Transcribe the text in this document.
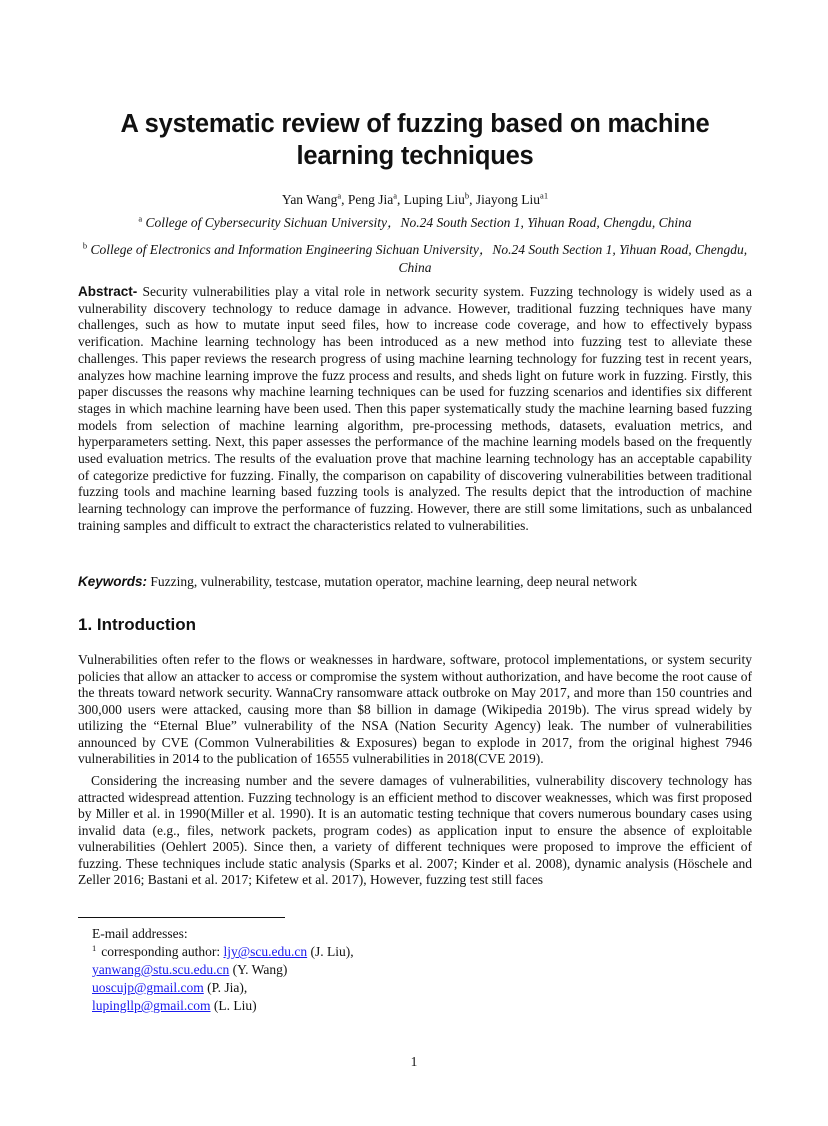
A systematic review of fuzzing based on machine learning techniques
Yan Wang$^a$, Peng Jia$^a$, Luping Liu$^b$, Jiayong Liu$^{a1}$
$^a$ College of Cybersecurity Sichuan University，No.24 South Section 1, Yihuan Road, Chengdu, China
$^b$ College of Electronics and Information Engineering Sichuan University，No.24 South Section 1, Yihuan Road, Chengdu, China

Abstract- Security vulnerabilities play a vital role in network security system. Fuzzing technology is widely used as a vulnerability discovery technology to reduce damage in advance. However, traditional fuzzing techniques have many challenges, such as how to mutate input seed files, how to increase code coverage, and how to effectively bypass verification. Machine learning technology has been introduced as a new method into fuzzing test to alleviate these challenges. This paper reviews the research progress of using machine learning technology for fuzzing test in recent years, analyzes how machine learning improve the fuzz process and results, and sheds light on future work in fuzzing. Firstly, this paper discusses the reasons why machine learning techniques can be used for fuzzing scenarios and identifies six different stages in which machine learning have been used. Then this paper systematically study the machine learning based fuzzing models from selection of machine learning algorithm, pre-processing methods, datasets, evaluation metrics, and hyperparameters setting. Next, this paper assesses the performance of the machine learning models based on the frequently used evaluation metrics. The results of the evaluation prove that machine learning technology has an acceptable capability of categorize predictive for fuzzing. Finally, the comparison on capability of discovering vulnerabilities between traditional fuzzing tools and machine learning based fuzzing tools is analyzed. The results depict that the introduction of machine learning technology can improve the performance of fuzzing. However, there are still some limitations, such as unbalanced training samples and difficult to extract the characteristics related to vulnerabilities.

Keywords: Fuzzing, vulnerability, testcase, mutation operator, machine learning, deep neural network

1. Introduction

Vulnerabilities often refer to the flows or weaknesses in hardware, software, protocol implementations, or system security policies that allow an attacker to access or compromise the system without authorization, and have become the root cause of the threats toward network security. WannaCry ransomware attack outbroke on May 2017, and more than 150 countries and 300,000 users were attacked, causing more than $8 billion in damage (Wikipedia 2019b). The virus spread widely by utilizing the “Eternal Blue” vulnerability of the NSA (Nation Security Agency) leak. The number of vulnerabilities announced by CVE (Common Vulnerabilities & Exposures) began to explode in 2017, from the original highest 7946 vulnerabilities in 2014 to the publication of 16555 vulnerabilities in 2018(CVE 2019).

Considering the increasing number and the severe damages of vulnerabilities, vulnerability discovery technology has attracted widespread attention. Fuzzing technology is an efficient method to discover weaknesses, which was first proposed by Miller et al. in 1990(Miller et al. 1990). It is an automatic testing technique that covers numerous boundary cases using invalid data (e.g., files, network packets, program codes) as application input to ensure the absence of exploitable vulnerabilities (Oehlert 2005). Since then, a variety of different techniques were proposed to improve the efficient of fuzzing. These techniques include static analysis (Sparks et al. 2007; Kinder et al. 2008), dynamic analysis (Höschele and Zeller 2016; Bastani et al. 2017; Kifetew et al. 2017), However, fuzzing test still faces

E-mail addresses:
$^1$ corresponding author: ljy@scu.edu.cn (J. Liu),
yanwang@stu.scu.edu.cn (Y. Wang)
uoscujp@gmail.com (P. Jia),
lupingllp@gmail.com (L. Liu)
1
